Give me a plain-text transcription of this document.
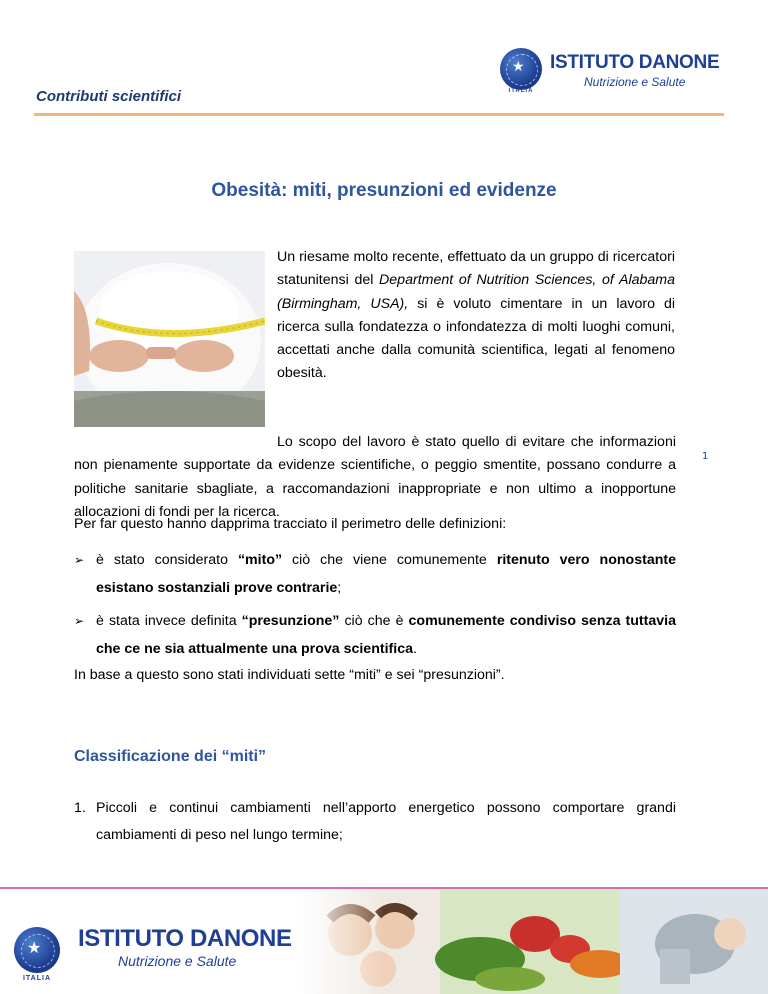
★
ITALIA
ISTITUTO DANONE
Nutrizione e Salute
Contributi scientifici
1
Obesità: miti, presunzioni ed evidenze

Un riesame molto recente, effettuato da un gruppo di ricercatori statunitensi del Department of Nutrition Sciences, of Alabama (Birmingham, USA), si è voluto cimentare in un lavoro di ricerca sulla fondatezza o infondatezza di molti luoghi comuni, accettati anche dalla comunità scientifica, legati al fenomeno obesità.

Lo scopo del lavoro è stato quello di evitare che informazioni non pienamente supportate da evidenze scientifiche, o peggio smentite, possano condurre a politiche sanitarie sbagliate, a raccomandazioni inappropriate e non ultimo a inopportune allocazioni di fondi per la ricerca.

Per far questo hanno dapprima tracciato il perimetro delle definizioni:

➢ è stato considerato “mito” ciò che viene comunemente ritenuto vero nonostante esistano sostanziali prove contrarie;
➢ è stata invece definita “presunzione” ciò che è comunemente condiviso senza tuttavia che ce ne sia attualmente una prova scientifica.

In base a questo sono stati individuati sette “miti” e sei “presunzioni”.

Classificazione dei “miti”
1. Piccoli e continui cambiamenti nell’apporto energetico possono comportare grandi cambiamenti di peso nel lungo termine;
★
ITALIA
ISTITUTO DANONE
Nutrizione e Salute
